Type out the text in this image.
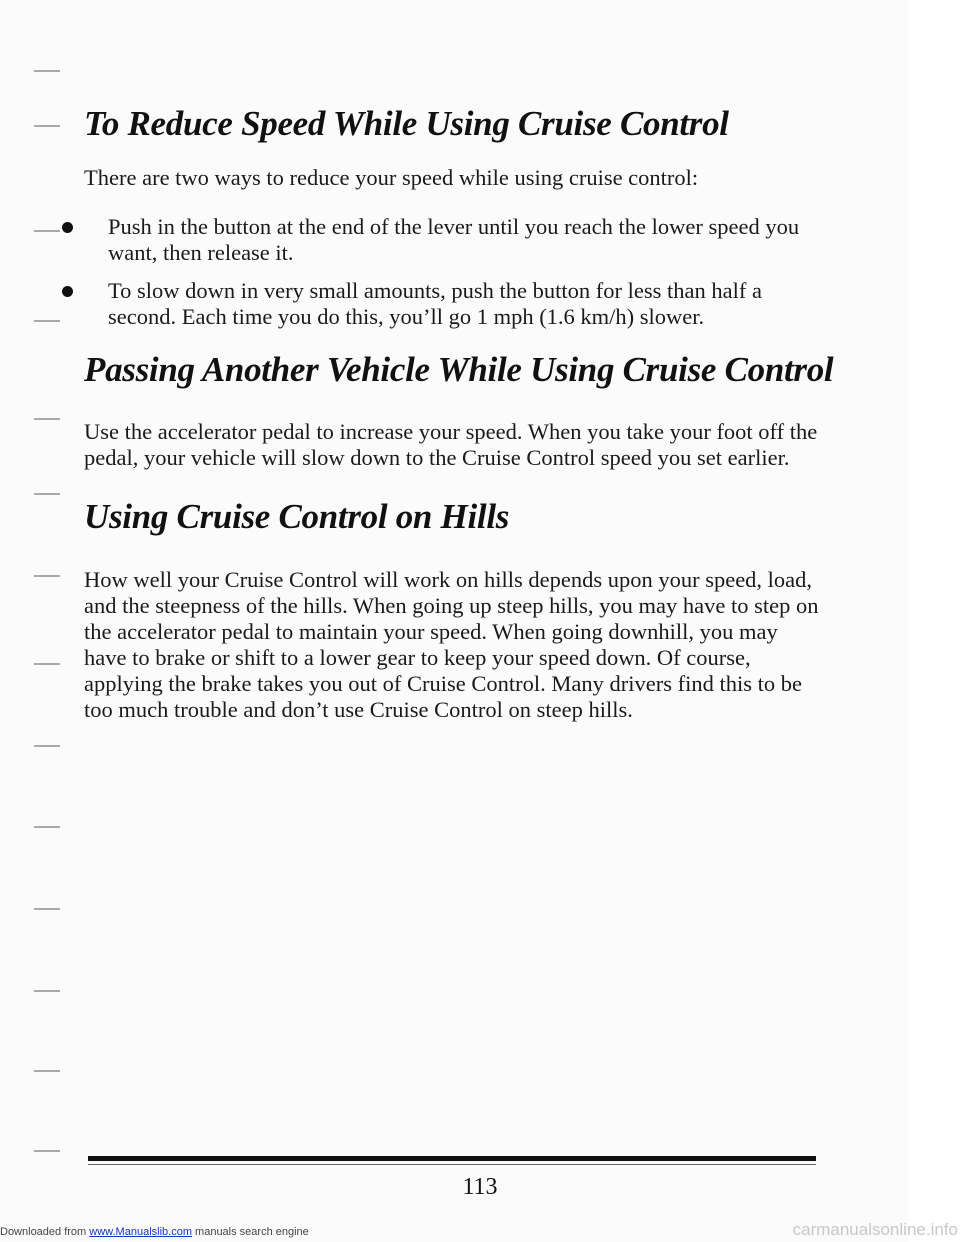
To Reduce Speed While Using Cruise Control

There are two ways to reduce your speed while using cruise control:

Push in the button at the end of the lever until you reach the lower speed you want, then release it.
To slow down in very small amounts, push the button for less than half a second. Each time you do this, you’ll go 1 mph (1.6 km/h) slower.
Passing Another Vehicle While Using Cruise Control

Use the accelerator pedal to increase your speed. When you take your foot off the pedal, your vehicle will slow down to the Cruise Control speed you set earlier.

Using Cruise Control on Hills

How well your Cruise Control will work on hills depends upon your speed, load, and the steepness of the hills. When going up steep hills, you may have to step on the accelerator pedal to maintain your speed. When going downhill, you may have to brake or shift to a lower gear to keep your speed down. Of course, applying the brake takes you out of Cruise Control. Many drivers find this to be too much trouble and don’t use Cruise Control on steep hills.

113
Downloaded from www.Manualslib.com manuals search engine	carmanualsonline.info
